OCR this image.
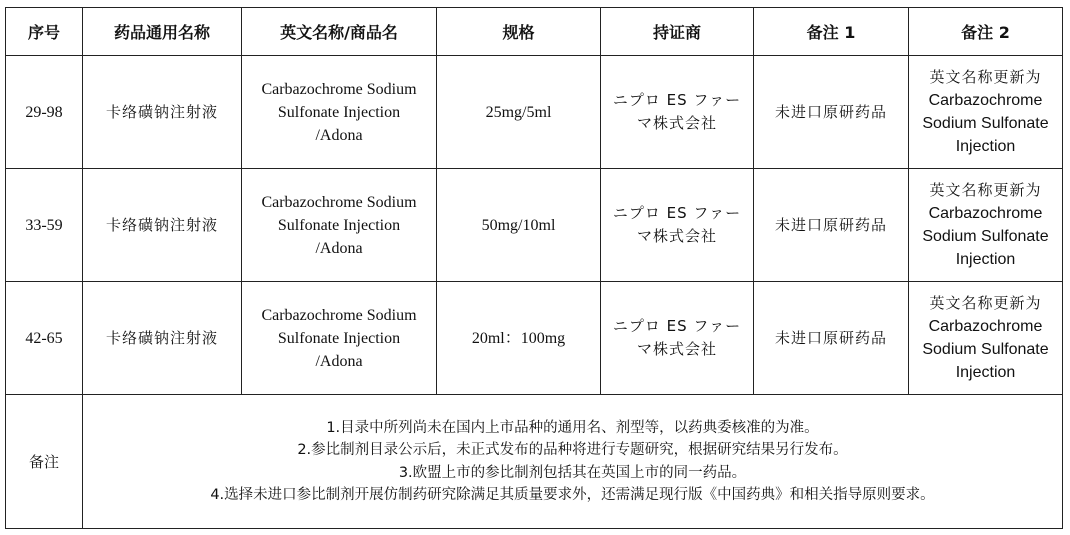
序号	药品通用名称	英文名称/商品名	规格	持证商	备注 1	备注 2
29-98	卡络磺钠注射液	Carbazochrome Sodium
Sulfonate Injection
/Adona	25mg/5ml	ニプロ ES ファー
マ株式会社	未进口原研药品	英文名称更新为
Carbazochrome
Sodium Sulfonate
Injection

33-59	卡络磺钠注射液	Carbazochrome Sodium
Sulfonate Injection
/Adona	50mg/10ml	ニプロ ES ファー
マ株式会社	未进口原研药品	英文名称更新为
Carbazochrome
Sodium Sulfonate
Injection

42-65	卡络磺钠注射液	Carbazochrome Sodium
Sulfonate Injection
/Adona	20ml：100mg	ニプロ ES ファー
マ株式会社	未进口原研药品	英文名称更新为
Carbazochrome
Sodium Sulfonate
Injection

备注	1.目录中所列尚未在国内上市品种的通用名、剂型等，以药典委核准的为准。
2.参比制剂目录公示后，未正式发布的品种将进行专题研究，根据研究结果另行发布。
3.欧盟上市的参比制剂包括其在英国上市的同一药品。
4.选择未进口参比制剂开展仿制药研究除满足其质量要求外，还需满足现行版《中国药典》和相关指导原则要求。					
